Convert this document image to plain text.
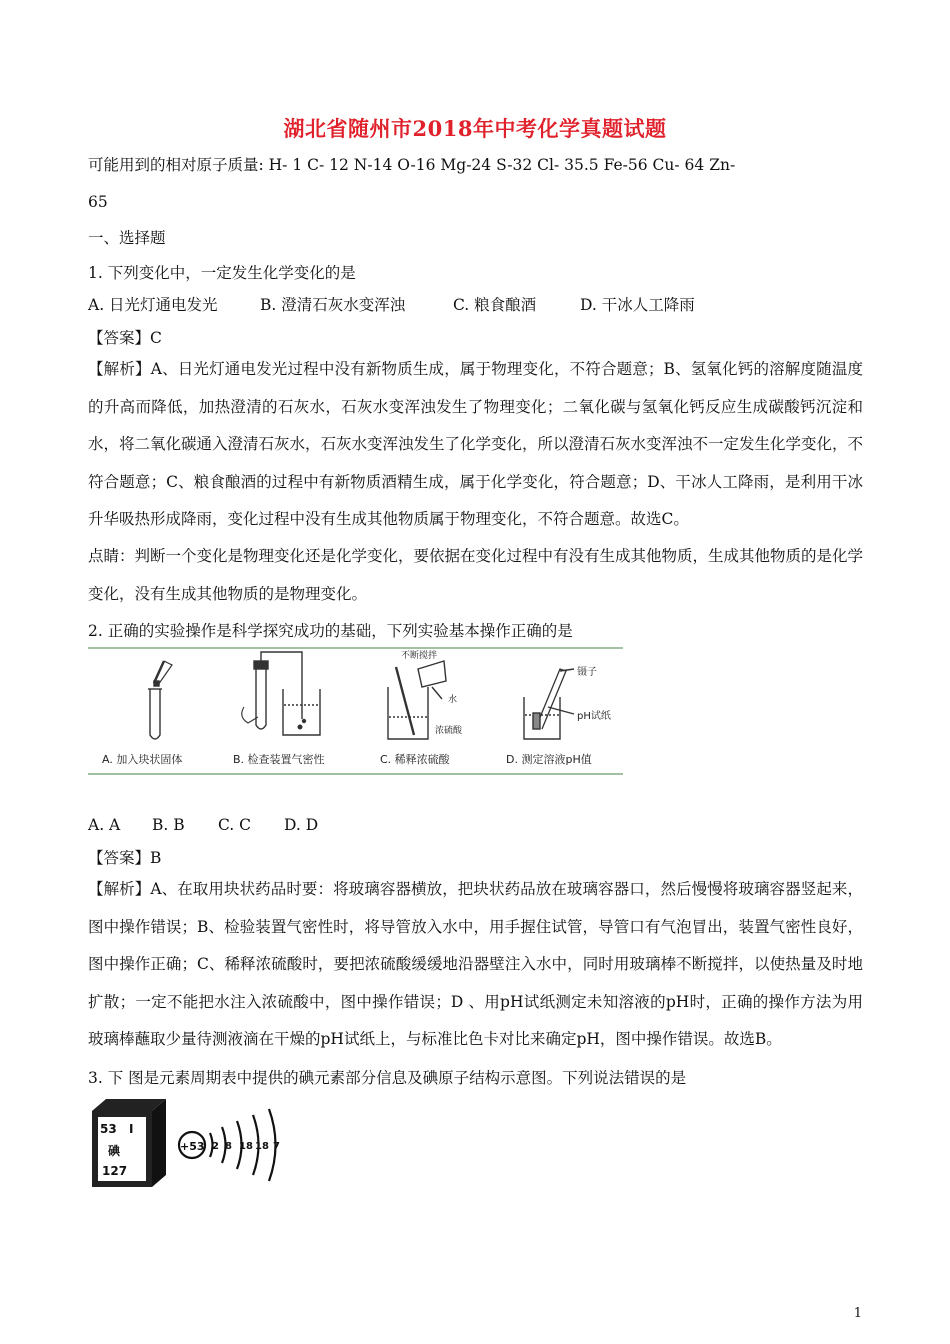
湖北省随州市2018年中考化学真题试题
可能用到的相对原子质量: H- 1 C- 12 N-14 O-16 Mg-24 S-32 Cl- 35.5 Fe-56 Cu- 64 Zn-
65
一、选择题
1. 下列变化中，一定发生化学变化的是
A. 日光灯通电发光	B. 澄清石灰水变浑浊	C. 粮食酿酒	D. 干冰人工降雨
【答案】C
【解析】A、日光灯通电发光过程中没有新物质生成，属于物理变化，不符合题意；B、氢氧化钙的溶解度随温度的升高而降低，加热澄清的石灰水，石灰水变浑浊发生了物理变化；二氧化碳与氢氧化钙反应生成碳酸钙沉淀和水，将二氧化碳通入澄清石灰水，石灰水变浑浊发生了化学变化，所以澄清石灰水变浑浊不一定发生化学变化，不符合题意；C、粮食酿酒的过程中有新物质酒精生成，属于化学变化，符合题意；D、干冰人工降雨，是利用干冰升华吸热形成降雨，变化过程中没有生成其他物质属于物理变化，不符合题意。故选C。
点睛：判断一个变化是物理变化还是化学变化，要依据在变化过程中有没有生成其他物质，生成其他物质的是化学变化，没有生成其他物质的是物理变化。
2. 正确的实验操作是科学探究成功的基础，下列实验基本操作正确的是
不断搅拌
水
浓硫酸
镊子
pH试纸
A. 加入块状固体	B. 检查装置气密性	C. 稀释浓硫酸	D. 测定溶液pH值
A. A B. B C. C D. D
【答案】B
【解析】A、在取用块状药品时要：将玻璃容器横放，把块状药品放在玻璃容器口，然后慢慢将玻璃容器竖起来，图中操作错误；B、检验装置气密性时，将导管放入水中，用手握住试管，导管口有气泡冒出，装置气密性良好，图中操作正确；C、稀释浓硫酸时，要把浓硫酸缓缓地沿器壁注入水中，同时用玻璃棒不断搅拌，以使热量及时地扩散；一定不能把水注入浓硫酸中，图中操作错误；D 、用pH试纸测定未知溶液的pH时，正确的操作方法为用玻璃棒蘸取少量待测液滴在干燥的pH试纸上，与标准比色卡对比来确定pH，图中操作错误。故选B。
3. 下 图是元素周期表中提供的碘元素部分信息及碘原子结构示意图。下列说法错误的是
53 I
碘
127
+53 2 8 18 18 7
1
